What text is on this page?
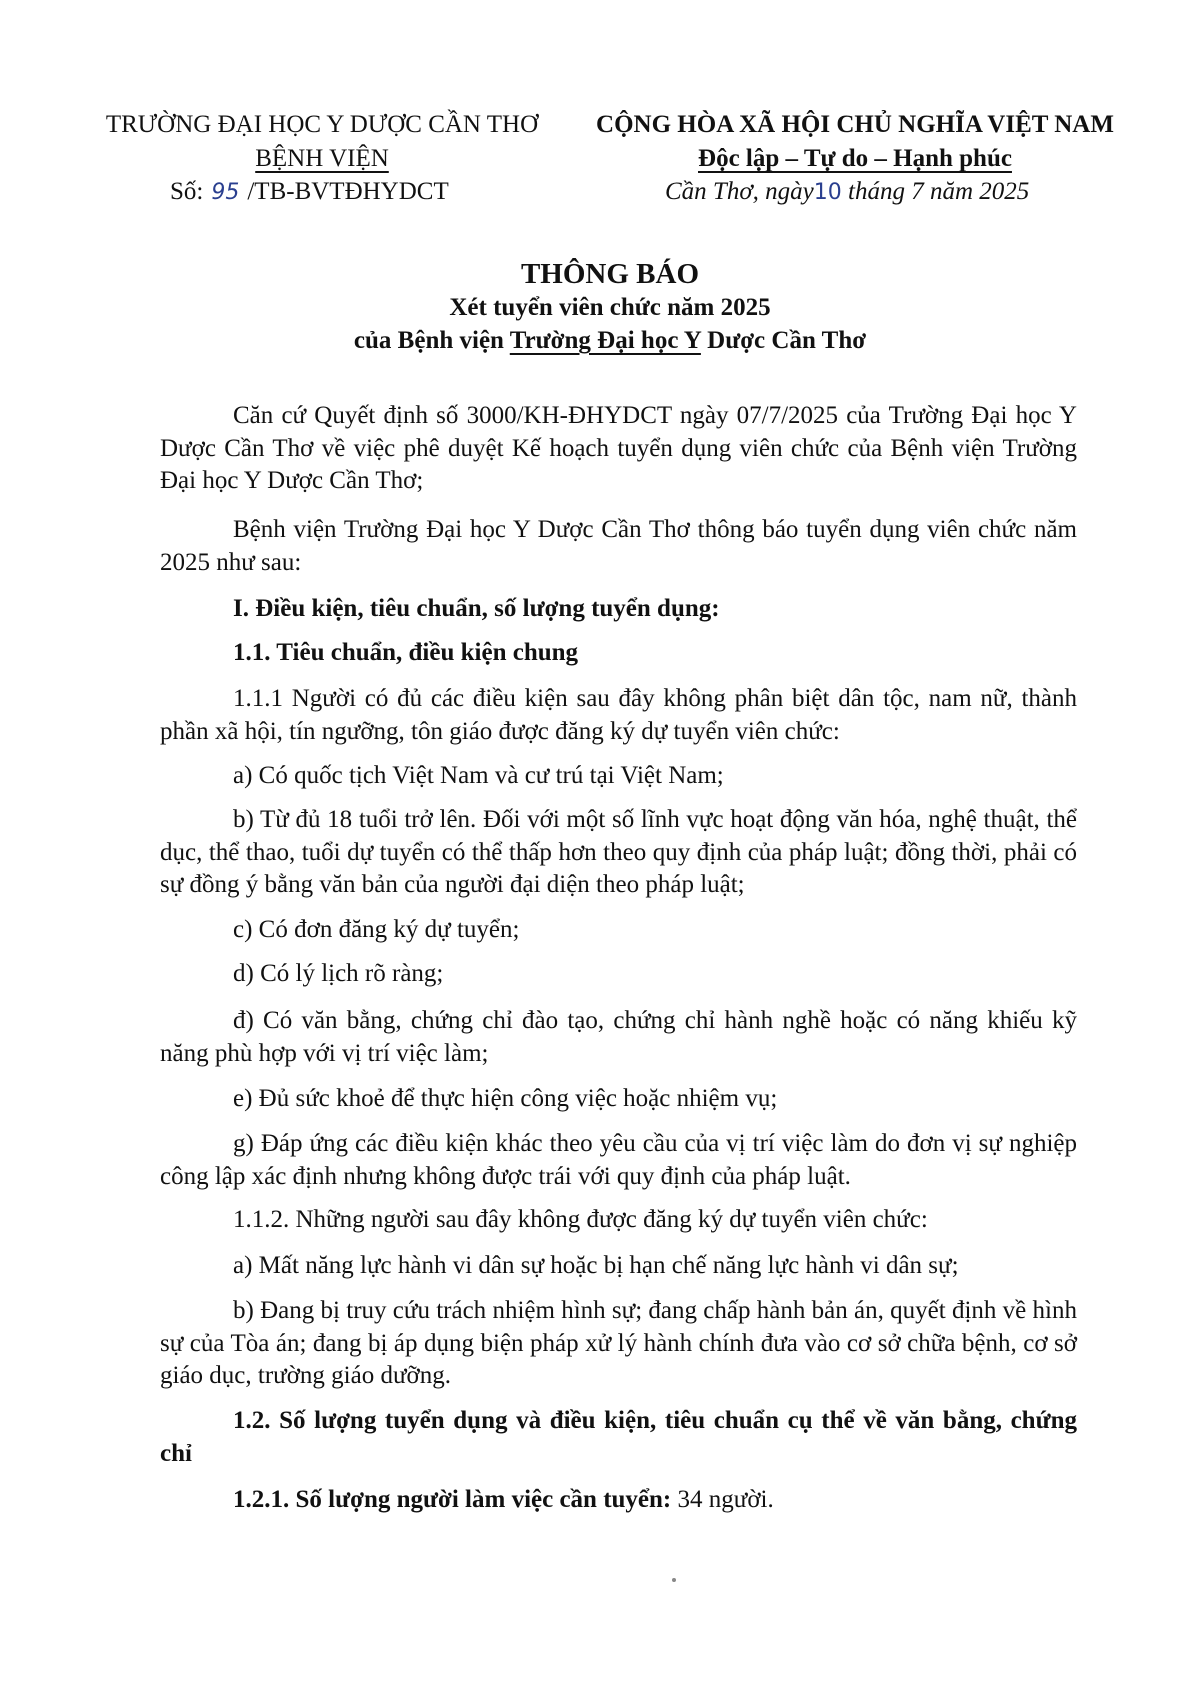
TRƯỜNG ĐẠI HỌC Y DƯỢC CẦN THƠ
BỆNH VIỆN
CỘNG HÒA XÃ HỘI CHỦ NGHĨA VIỆT NAM
Độc lập – Tự do – Hạnh phúc
Số: 95 /TB-BVTĐHYDCT	Cần Thơ, ngày10 tháng 7 năm 2025
THÔNG BÁO
Xét tuyển viên chức năm 2025
của Bệnh viện Trường Đại học Y Dược Cần Thơ

Căn cứ Quyết định số 3000/KH-ĐHYDCT ngày 07/7/2025 của Trường Đại học Y Dược Cần Thơ về việc phê duyệt Kế hoạch tuyển dụng viên chức của Bệnh viện Trường Đại học Y Dược Cần Thơ;

Bệnh viện Trường Đại học Y Dược Cần Thơ thông báo tuyển dụng viên chức năm 2025 như sau:

I. Điều kiện, tiêu chuẩn, số lượng tuyển dụng:

1.1. Tiêu chuẩn, điều kiện chung

1.1.1 Người có đủ các điều kiện sau đây không phân biệt dân tộc, nam nữ, thành phần xã hội, tín ngưỡng, tôn giáo được đăng ký dự tuyển viên chức:

a) Có quốc tịch Việt Nam và cư trú tại Việt Nam;

b) Từ đủ 18 tuổi trở lên. Đối với một số lĩnh vực hoạt động văn hóa, nghệ thuật, thể dục, thể thao, tuổi dự tuyển có thể thấp hơn theo quy định của pháp luật; đồng thời, phải có sự đồng ý bằng văn bản của người đại diện theo pháp luật;

c) Có đơn đăng ký dự tuyển;

d) Có lý lịch rõ ràng;

đ) Có văn bằng, chứng chỉ đào tạo, chứng chỉ hành nghề hoặc có năng khiếu kỹ năng phù hợp với vị trí việc làm;

e) Đủ sức khoẻ để thực hiện công việc hoặc nhiệm vụ;

g) Đáp ứng các điều kiện khác theo yêu cầu của vị trí việc làm do đơn vị sự nghiệp công lập xác định nhưng không được trái với quy định của pháp luật.

1.1.2. Những người sau đây không được đăng ký dự tuyển viên chức:

a) Mất năng lực hành vi dân sự hoặc bị hạn chế năng lực hành vi dân sự;

b) Đang bị truy cứu trách nhiệm hình sự; đang chấp hành bản án, quyết định về hình sự của Tòa án; đang bị áp dụng biện pháp xử lý hành chính đưa vào cơ sở chữa bệnh, cơ sở giáo dục, trường giáo dưỡng.

1.2. Số lượng tuyển dụng và điều kiện, tiêu chuẩn cụ thể về văn bằng, chứng chỉ

1.2.1. Số lượng người làm việc cần tuyển: 34 người.
